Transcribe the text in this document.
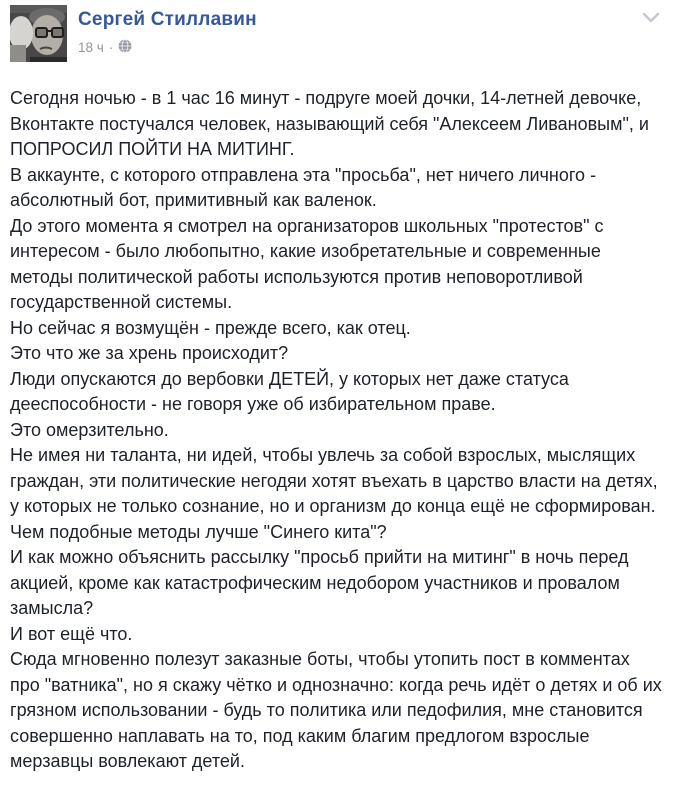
Сергей Стиллавин
18 ч ·

Сегодня ночью - в 1 час 16 минут - подруге моей дочки, 14-летней девочке, Вконтакте постучался человек, называющий себя "Алексеем Ливановым", и ПОПРОСИЛ ПОЙТИ НА МИТИНГ.

В аккаунте, с которого отправлена эта "просьба", нет ничего личного - абсолютный бот, примитивный как валенок.

До этого момента я смотрел на организаторов школьных "протестов" с интересом - было любопытно, какие изобретательные и современные методы политической работы используются против неповоротливой государственной системы.

Но сейчас я возмущён - прежде всего, как отец.

Это что же за хрень происходит?

Люди опускаются до вербовки ДЕТЕЙ, у которых нет даже статуса дееспособности - не говоря уже об избирательном праве.

Это омерзительно.

Не имея ни таланта, ни идей, чтобы увлечь за собой взрослых, мыслящих граждан, эти политические негодяи хотят въехать в царство власти на детях, у которых не только сознание, но и организм до конца ещё не сформирован.

Чем подобные методы лучше "Синего кита"?

И как можно объяснить рассылку "просьб прийти на митинг" в ночь перед акцией, кроме как катастрофическим недобором участников и провалом замысла?

И вот ещё что.

Сюда мгновенно полезут заказные боты, чтобы утопить пост в комментах про "ватника", но я скажу чётко и однозначно: когда речь идёт о детях и об их грязном использовании - будь то политика или педофилия, мне становится совершенно наплавать на то, под каким благим предлогом взрослые мерзавцы вовлекают детей.
